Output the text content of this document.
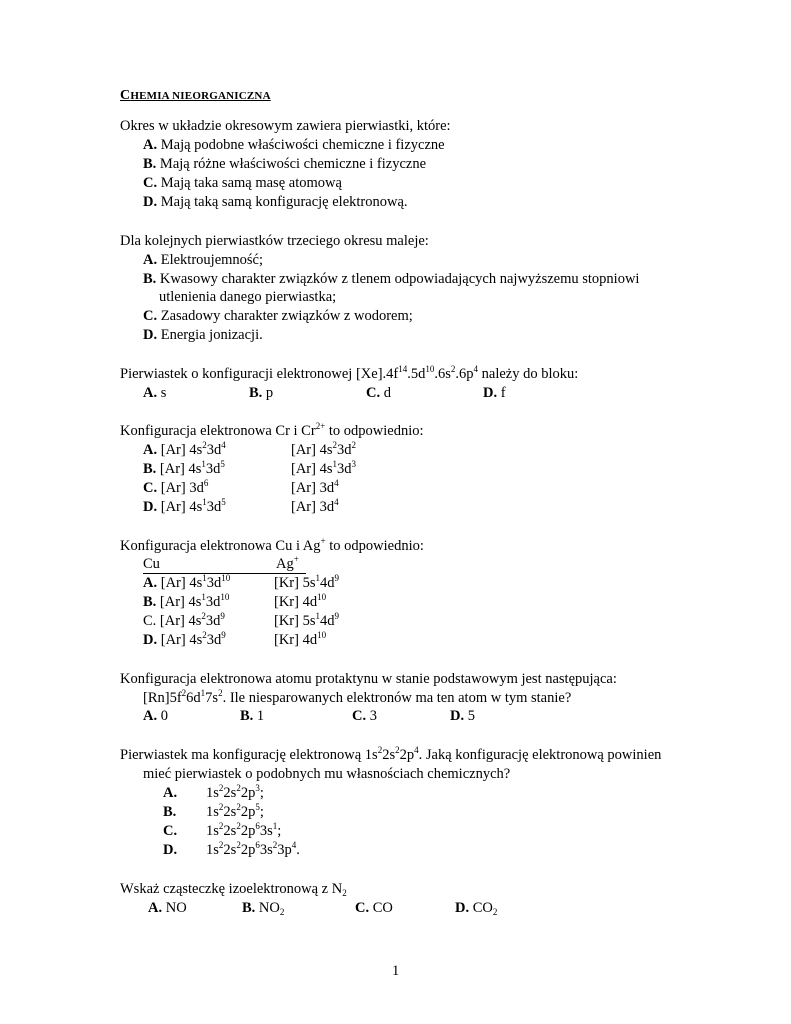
CHEMIA NIEORGANICZNA
Okres w układzie okresowym zawiera pierwiastki, które:
A. Mają podobne właściwości chemiczne i fizyczne
B. Mają różne właściwości chemiczne i fizyczne
C. Mają taka samą masę atomową
D. Mają taką samą konfigurację elektronową.
Dla kolejnych pierwiastków trzeciego okresu maleje:
A. Elektroujemność;
B. Kwasowy charakter związków z tlenem odpowiadających najwyższemu stopniowi
utlenienia danego pierwiastka;
C. Zasadowy charakter związków z wodorem;
D. Energia jonizacji.
Pierwiastek o konfiguracji elektronowej $[Xe].4f^{14}.5d^{10}.6s^2.6p^4$ należy do bloku:
A. s	B. p	C. d	D. f
Konfiguracja elektronowa Cr i $Cr^{2+}$ to odpowiednio:
A. [Ar] $4s^23d^4$	[Ar] $4s^23d^2$
B. [Ar] $4s^13d^5$	[Ar] $4s^13d^3$
C. [Ar] $3d^6$	[Ar] $3d^4$
D. [Ar] $4s^13d^5$	[Ar] $3d^4$
Konfiguracja elektronowa Cu i Ag+ to odpowiednio:
Cu	Ag+
A. [Ar] $4s^13d^{10}$	[Kr] $5s^14d^9$
B. [Ar] $4s^13d^{10}$	[Kr] $4d^{10}$
C. [Ar] $4s^23d^9$	[Kr] $5s^14d^9$
D. [Ar] $4s^23d^9$	[Kr] $4d^{10}$
Konfiguracja elektronowa atomu protaktynu w stanie podstawowym jest następująca:
$[Rn]5f^26d^17s^2$. Ile niesparowanych elektronów ma ten atom w tym stanie?
A. 0	B. 1	C. 3	D. 5
Pierwiastek ma konfigurację elektronową $1s^22s^22p^4$. Jaką konfigurację elektronową powinien
mieć pierwiastek o podobnych mu własnościach chemicznych?
A. $1s^22s^22p^3$;
B. $1s^22s^22p^5$;
C. $1s^22s^22p^63s^1$;
D. $1s^22s^22p^63s^23p^4$.
Wskaż cząsteczkę izoelektronową z $N_2$
A. NO	B. $NO_2$	C. CO	D. $CO_2$
1
